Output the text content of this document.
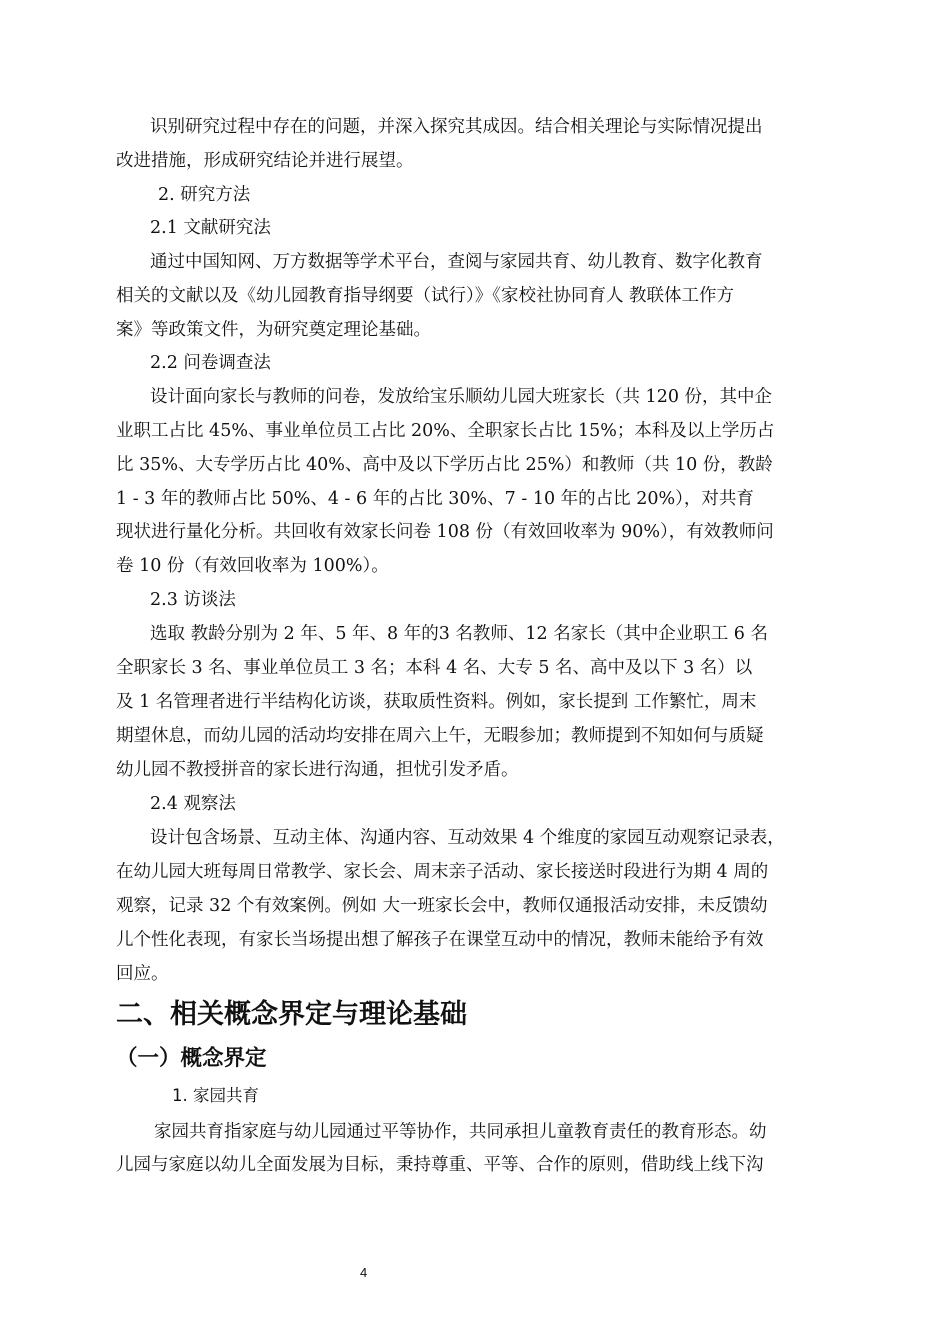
识别研究过程中存在的问题，并深入探究其成因。结合相关理论与实际情况提出
改进措施，形成研究结论并进行展望。
2. 研究方法
2.1 文献研究法
通过中国知网、万方数据等学术平台，查阅与家园共育、幼儿教育、数字化教育
相关的文献以及《幼儿园教育指导纲要（试行）》《家校社协同育人 教联体工作方
案》等政策文件，为研究奠定理论基础。
2.2 问卷调查法
设计面向家长与教师的问卷，发放给宝乐顺幼儿园大班家长（共 120 份，其中企
业职工占比 45%、事业单位员工占比 20%、全职家长占比 15%；本科及以上学历占
比 35%、大专学历占比 40%、高中及以下学历占比 25%）和教师（共 10 份，教龄
1 - 3 年的教师占比 50%、4 - 6 年的占比 30%、7 - 10 年的占比 20%），对共育
现状进行量化分析。共回收有效家长问卷 108 份（有效回收率为 90%），有效教师问
卷 10 份（有效回收率为 100%）。
2.3 访谈法
选取 教龄分别为 2 年、5 年、8 年的3 名教师、12 名家长（其中企业职工 6 名
全职家长 3 名、事业单位员工 3 名；本科 4 名、大专 5 名、高中及以下 3 名）以
及 1 名管理者进行半结构化访谈，获取质性资料。例如，家长提到 工作繁忙，周末
期望休息，而幼儿园的活动均安排在周六上午，无暇参加；教师提到不知如何与质疑
幼儿园不教授拼音的家长进行沟通，担忧引发矛盾。
2.4 观察法
设计包含场景、互动主体、沟通内容、互动效果 4 个维度的家园互动观察记录表，
在幼儿园大班每周日常教学、家长会、周末亲子活动、家长接送时段进行为期 4 周的
观察，记录 32 个有效案例。例如 大一班家长会中，教师仅通报活动安排，未反馈幼
儿个性化表现，有家长当场提出想了解孩子在课堂互动中的情况，教师未能给予有效
回应。
二、相关概念界定与理论基础
（一）概念界定
1. 家园共育
家园共育指家庭与幼儿园通过平等协作，共同承担儿童教育责任的教育形态。幼
儿园与家庭以幼儿全面发展为目标，秉持尊重、平等、合作的原则，借助线上线下沟
4
